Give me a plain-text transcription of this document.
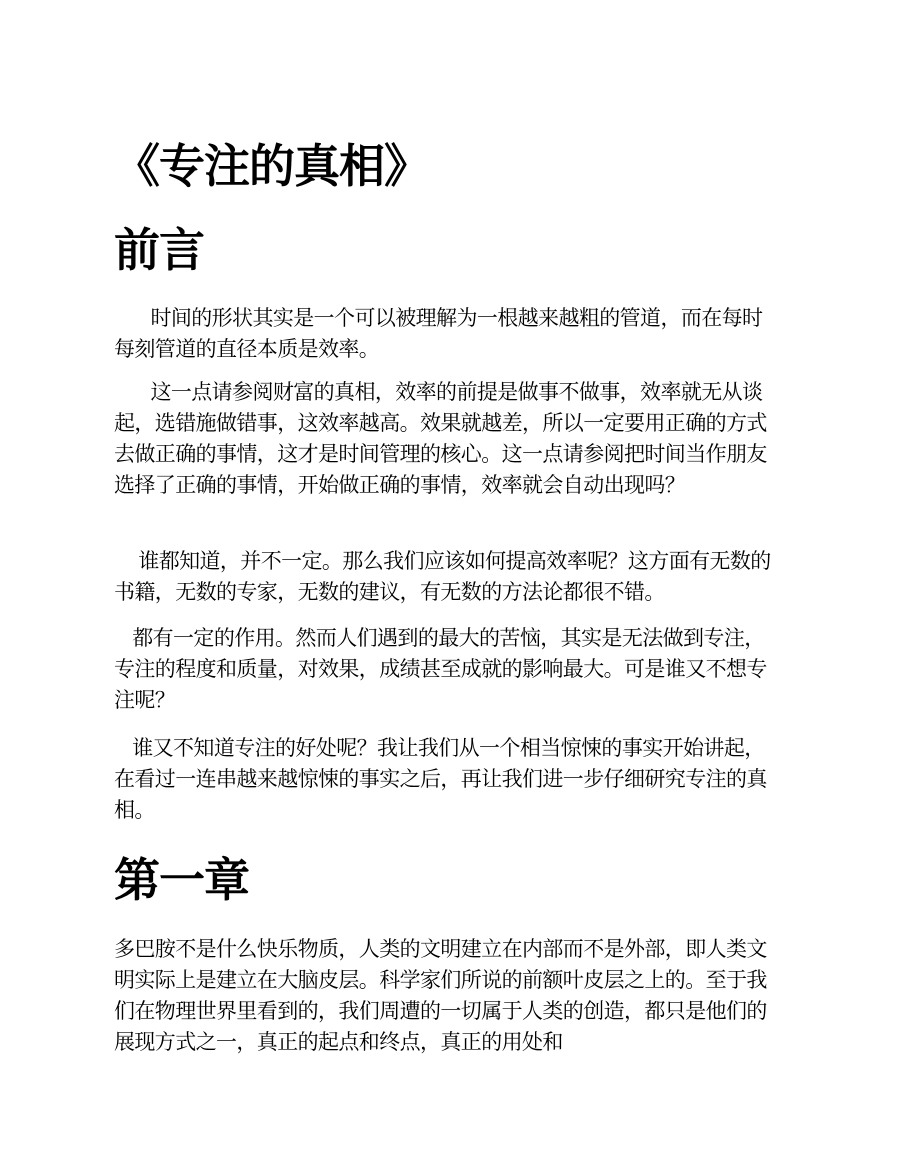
《专注的真相》
前言

时间的形状其实是一个可以被理解为一根越来越粗的管道，而在每时每刻管道的直径本质是效率。

这一点请参阅财富的真相，效率的前提是做事不做事，效率就无从谈起，选错施做错事，这效率越高。效果就越差，所以一定要用正确的方式去做正确的事情，这才是时间管理的核心。这一点请参阅把时间当作朋友选择了正确的事情，开始做正确的事情，效率就会自动出现吗？

谁都知道，并不一定。那么我们应该如何提高效率呢？这方面有无数的书籍，无数的专家，无数的建议，有无数的方法论都很不错。

都有一定的作用。然而人们遇到的最大的苦恼，其实是无法做到专注，专注的程度和质量，对效果，成绩甚至成就的影响最大。可是谁又不想专注呢？

谁又不知道专注的好处呢？我让我们从一个相当惊悚的事实开始讲起，在看过一连串越来越惊悚的事实之后，再让我们进一步仔细研究专注的真相。

第一章

多巴胺不是什么快乐物质，人类的文明建立在内部而不是外部，即人类文明实际上是建立在大脑皮层。科学家们所说的前额叶皮层之上的。至于我们在物理世界里看到的，我们周遭的一切属于人类的创造，都只是他们的展现方式之一，真正的起点和终点，真正的用处和
